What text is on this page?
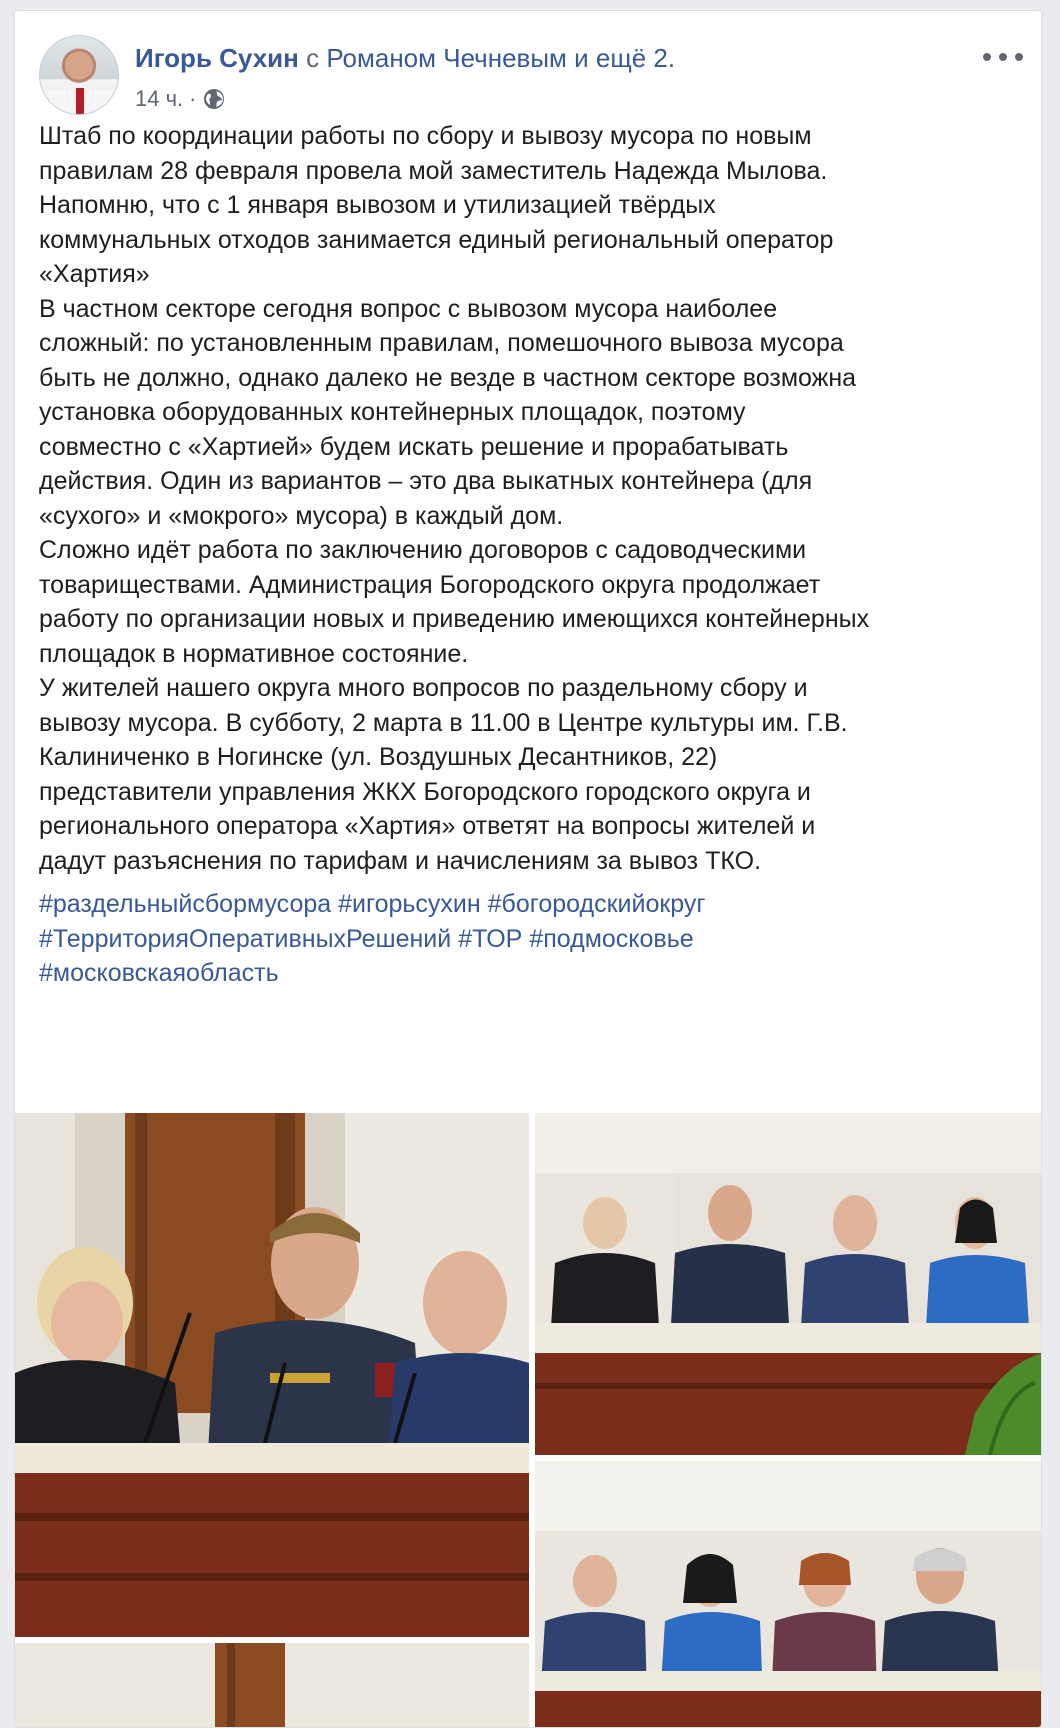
Игорь Сухин с Романом Чечневым и ещё 2.
14 ч. ·

Штаб по координации работы по сбору и вывозу мусора по новым

правилам 28 февраля провела мой заместитель Надежда Мылова.

Напомню, что с 1 января вывозом и утилизацией твёрдых

коммунальных отходов занимается единый региональный оператор

«Хартия»

В частном секторе сегодня вопрос с вывозом мусора наиболее

сложный: по установленным правилам, помешочного вывоза мусора

быть не должно, однако далеко не везде в частном секторе возможна

установка оборудованных контейнерных площадок, поэтому

совместно с «Хартией» будем искать решение и прорабатывать

действия. Один из вариантов – это два выкатных контейнера (для

«сухого» и «мокрого» мусора) в каждый дом.

Сложно идёт работа по заключению договоров с садоводческими

товариществами. Администрация Богородского округа продолжает

работу по организации новых и приведению имеющихся контейнерных

площадок в нормативное состояние.

У жителей нашего округа много вопросов по раздельному сбору и

вывозу мусора. В субботу, 2 марта в 11.00 в Центре культуры им. Г.В.

Калиниченко в Ногинске (ул. Воздушных Десантников, 22)

представители управления ЖКХ Богородского городского округа и

регионального оператора «Хартия» ответят на вопросы жителей и

дадут разъяснения по тарифам и начислениям за вывоз ТКО.

#раздельныйсбормусора #игорьсухин #богородскийокруг
#ТерриторияОперативныхРешений #ТОР #подмосковье
#московскаяобласть
